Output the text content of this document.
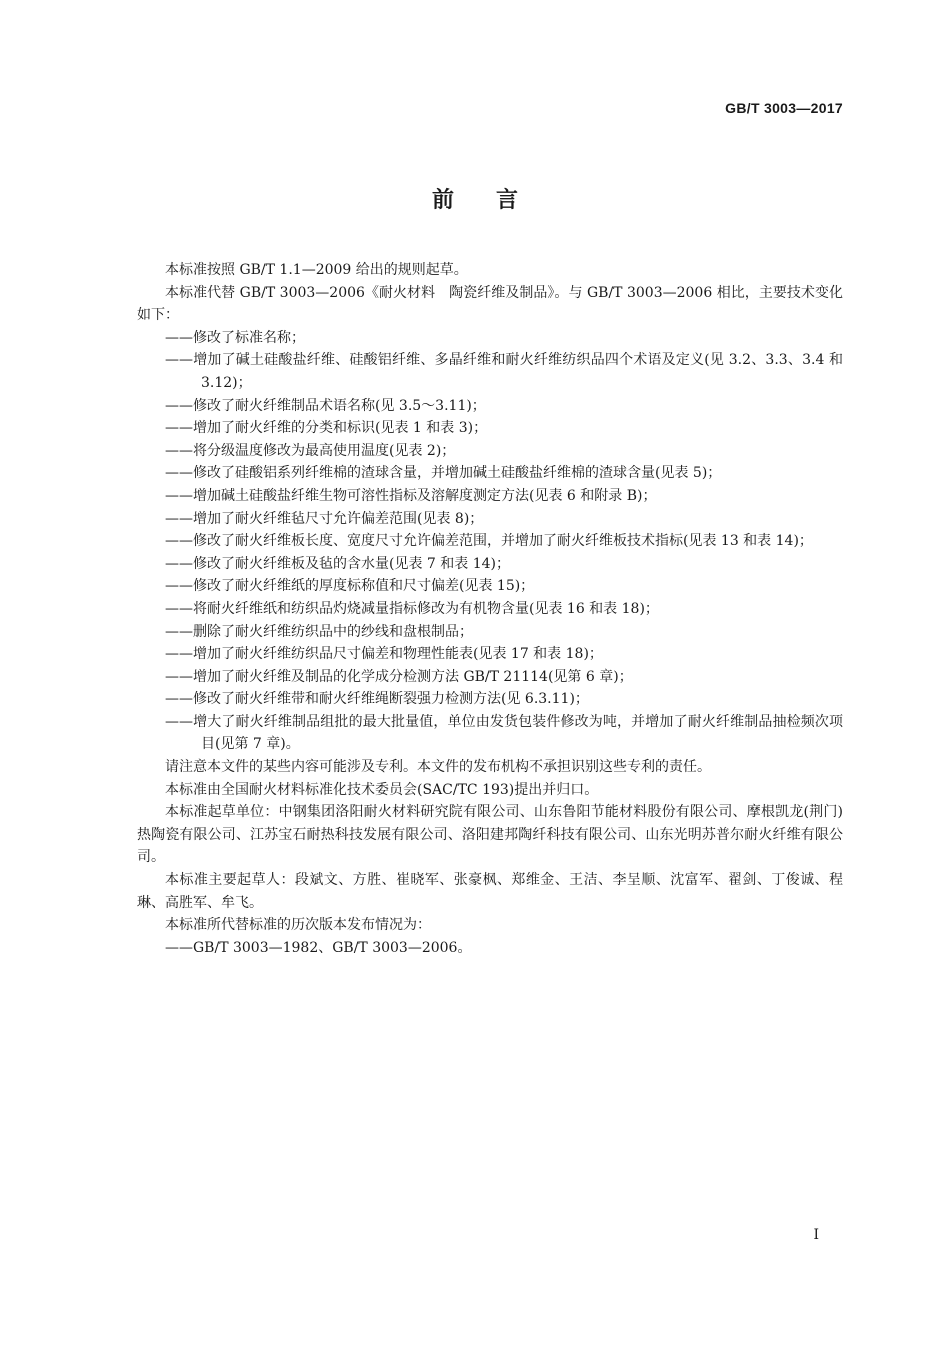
GB/T 3003—2017
前言

本标准按照 GB/T 1.1—2009 给出的规则起草。

本标准代替 GB/T 3003—2006《耐火材料　陶瓷纤维及制品》。与 GB/T 3003—2006 相比，主要技术变化如下：

——修改了标准名称；

——增加了碱土硅酸盐纤维、硅酸铝纤维、多晶纤维和耐火纤维纺织品四个术语及定义(见 3.2、3.3、3.4 和 3.12)；

——修改了耐火纤维制品术语名称(见 3.5～3.11)；

——增加了耐火纤维的分类和标识(见表 1 和表 3)；

——将分级温度修改为最高使用温度(见表 2)；

——修改了硅酸铝系列纤维棉的渣球含量，并增加碱土硅酸盐纤维棉的渣球含量(见表 5)；

——增加碱土硅酸盐纤维生物可溶性指标及溶解度测定方法(见表 6 和附录 B)；

——增加了耐火纤维毡尺寸允许偏差范围(见表 8)；

——修改了耐火纤维板长度、宽度尺寸允许偏差范围，并增加了耐火纤维板技术指标(见表 13 和表 14)；

——修改了耐火纤维板及毡的含水量(见表 7 和表 14)；

——修改了耐火纤维纸的厚度标称值和尺寸偏差(见表 15)；

——将耐火纤维纸和纺织品灼烧减量指标修改为有机物含量(见表 16 和表 18)；

——删除了耐火纤维纺织品中的纱线和盘根制品；

——增加了耐火纤维纺织品尺寸偏差和物理性能表(见表 17 和表 18)；

——增加了耐火纤维及制品的化学成分检测方法 GB/T 21114(见第 6 章)；

——修改了耐火纤维带和耐火纤维绳断裂强力检测方法(见 6.3.11)；

——增大了耐火纤维制品组批的最大批量值，单位由发货包装件修改为吨，并增加了耐火纤维制品抽检频次项目(见第 7 章)。

请注意本文件的某些内容可能涉及专利。本文件的发布机构不承担识别这些专利的责任。

本标准由全国耐火材料标准化技术委员会(SAC/TC 193)提出并归口。

本标准起草单位：中钢集团洛阳耐火材料研究院有限公司、山东鲁阳节能材料股份有限公司、摩根凯龙(荆门)热陶瓷有限公司、江苏宝石耐热科技发展有限公司、洛阳建邦陶纤科技有限公司、山东光明苏普尔耐火纤维有限公司。

本标准主要起草人：段斌文、方胜、崔晓军、张豪枫、郑维金、王洁、李呈顺、沈富军、翟剑、丁俊诚、程琳、高胜军、牟飞。

本标准所代替标准的历次版本发布情况为：

——GB/T 3003—1982、GB/T 3003—2006。

Ⅰ
